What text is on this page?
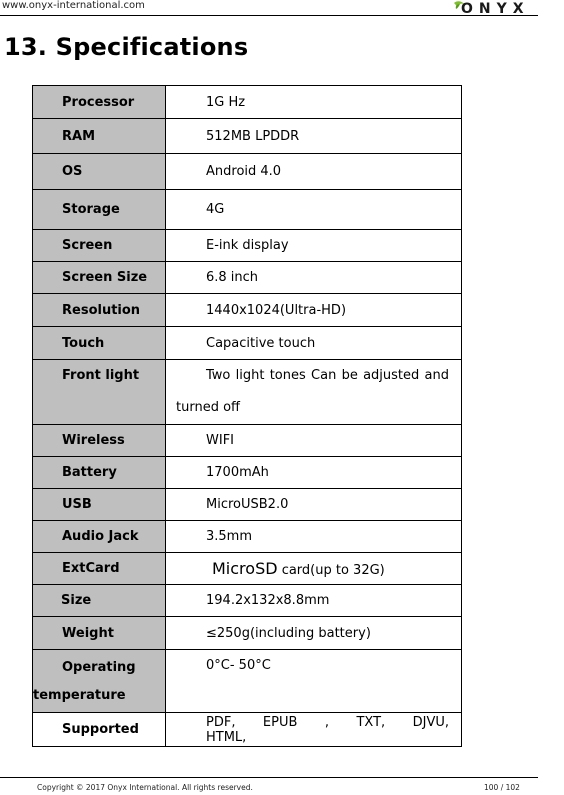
www.onyx-international.com	ONYX
13. Specifications
Processor	1G Hz
RAM	512MB LPDDR
OS	Android 4.0
Storage	4G
Screen	E-ink display
Screen Size	6.8 inch
Resolution	1440x1024(Ultra-HD)
Touch	Capacitive touch
Front light	Two light tones Can be adjusted and turned off
Wireless	WIFI
Battery	1700mAh
USB	MicroUSB2.0
Audio Jack	3.5mm
ExtCard	MicroSD card(up to 32G)
Size	194.2x132x8.8mm
Weight	≤250g(including battery)
Operating temperature	0°C- 50°C
Supported	PDF, EPUB , TXT, DJVU, HTML,
Copyright © 2017 Onyx International. All rights reserved.	100 / 102
